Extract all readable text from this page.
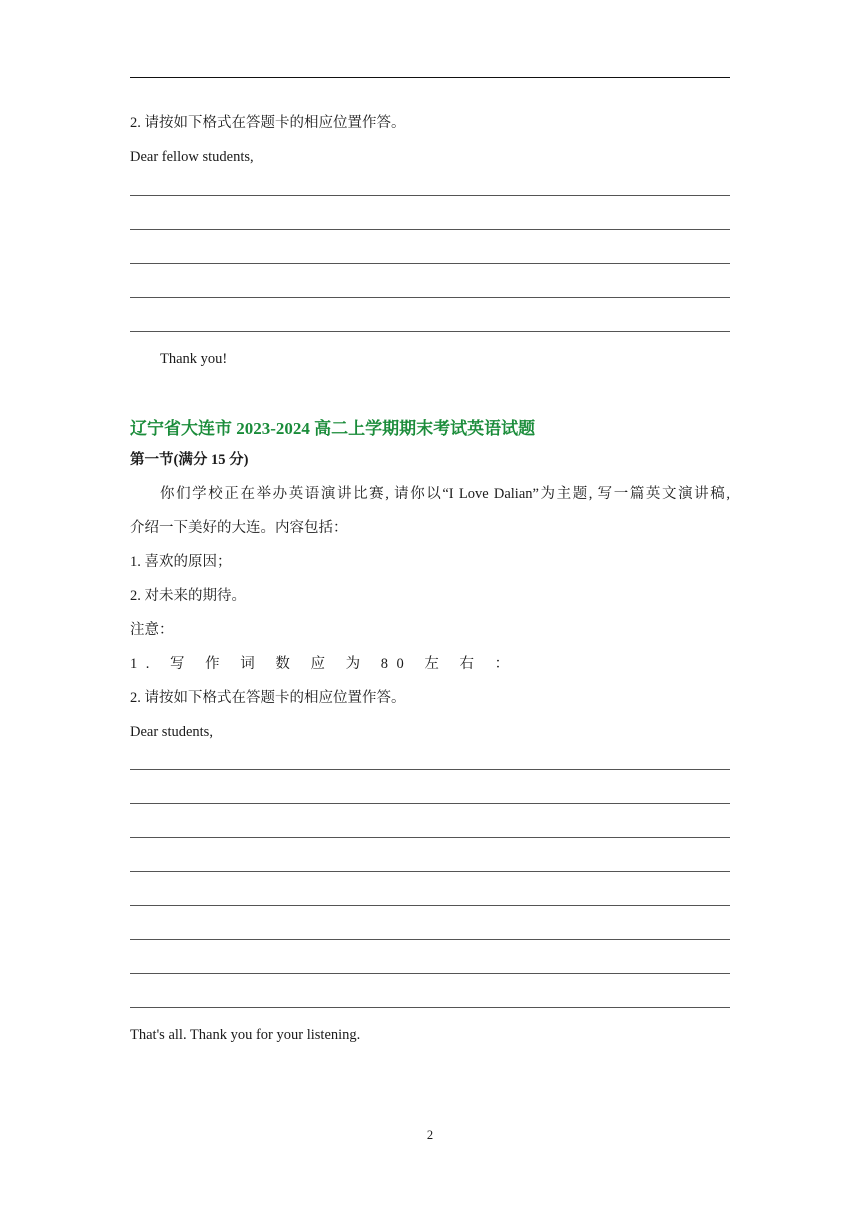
2. 请按如下格式在答题卡的相应位置作答。
Dear fellow students,
Thank you!
辽宁省大连市 2023-2024 高二上学期期末考试英语试题
第一节(满分 15 分)
你们学校正在举办英语演讲比赛, 请你以“I Love Dalian”为主题, 写一篇英文演讲稿,
介绍一下美好的大连。内容包括：
1. 喜欢的原因；
2. 对未来的期待。
注意：
1. 写 作 词 数 应 为 80 左 右 ：
2. 请按如下格式在答题卡的相应位置作答。
Dear students,
That's all. Thank you for your listening.
2
